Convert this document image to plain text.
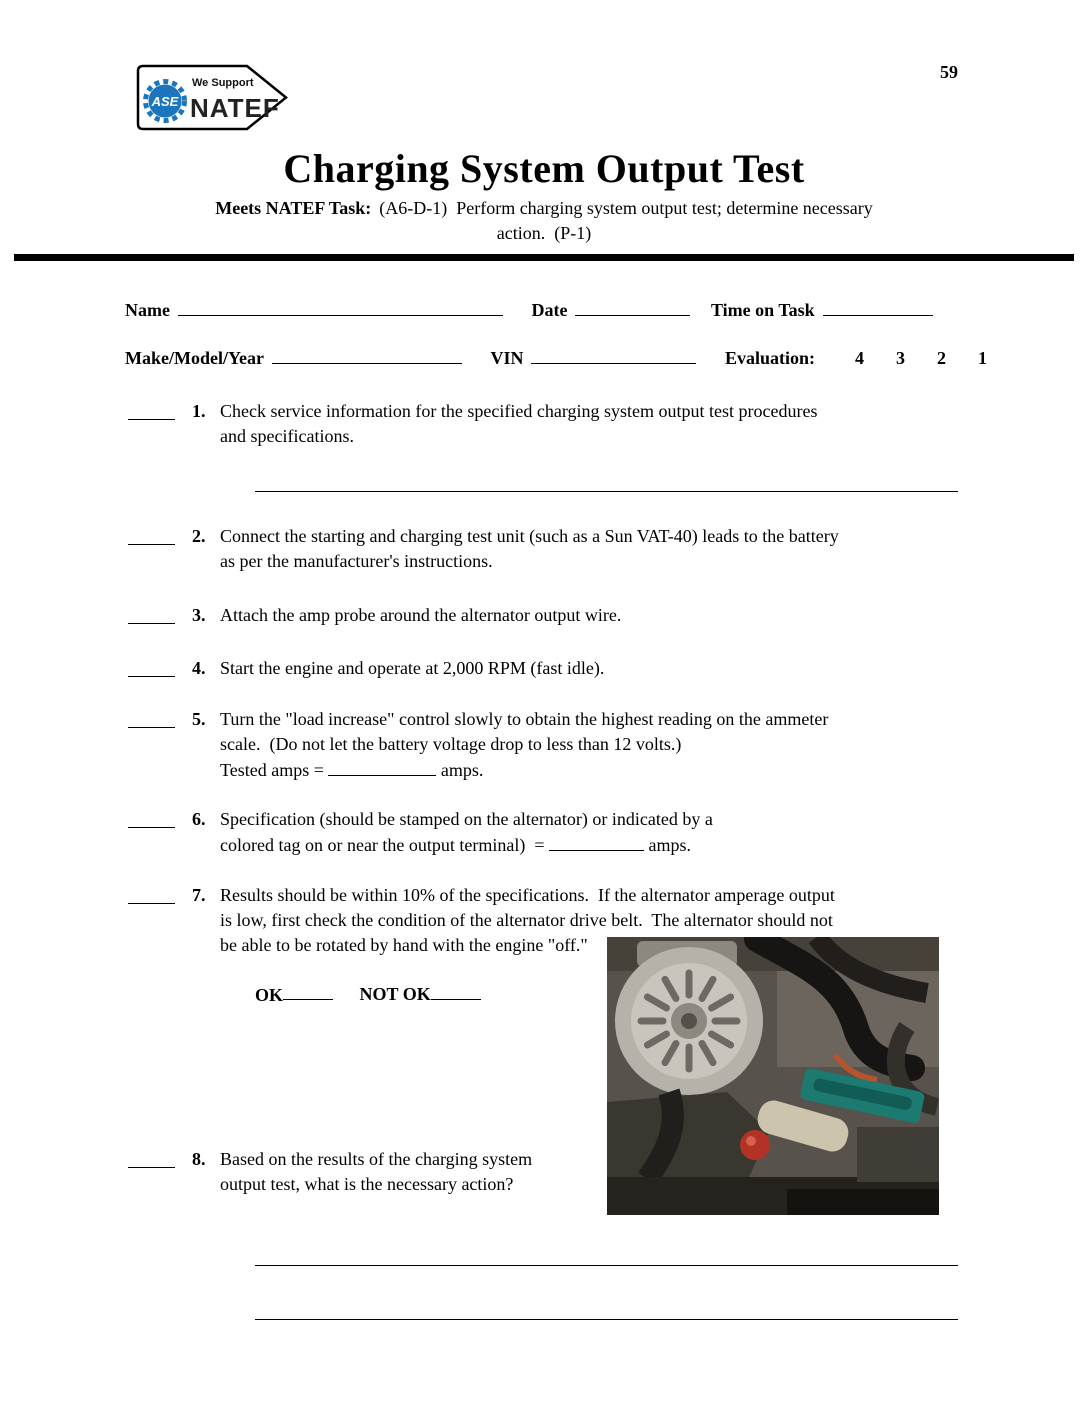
59
ASE
We Support
NATEF
Charging System Output Test
Meets NATEF Task: (A6-D-1)  Perform charging system output test; determine necessary
action.  (P-1)
Name	Date	Time on Task
Make/Model/Year	VIN	Evaluation: 4 3 2 1
1. Check service information for the specified charging system output test procedures
and specifications.
2. Connect the starting and charging test unit (such as a Sun VAT-40) leads to the battery
as per the manufacturer's instructions.
3. Attach the amp probe around the alternator output wire.
4. Start the engine and operate at 2,000 RPM (fast idle).
5. Turn the "load increase" control slowly to obtain the highest reading on the ammeter
scale.  (Do not let the battery voltage drop to less than 12 volts.)
Tested amps =	amps.
6. Specification (should be stamped on the alternator) or indicated by a
colored tag on or near the output terminal)  =	amps.
7. Results should be within 10% of the specifications.  If the alternator amperage output
is low, first check the condition of the alternator drive belt.  The alternator should not
be able to be rotated by hand with the engine "off."
OK	NOT OK
8. Based on the results of the charging system
output test, what is the necessary action?
